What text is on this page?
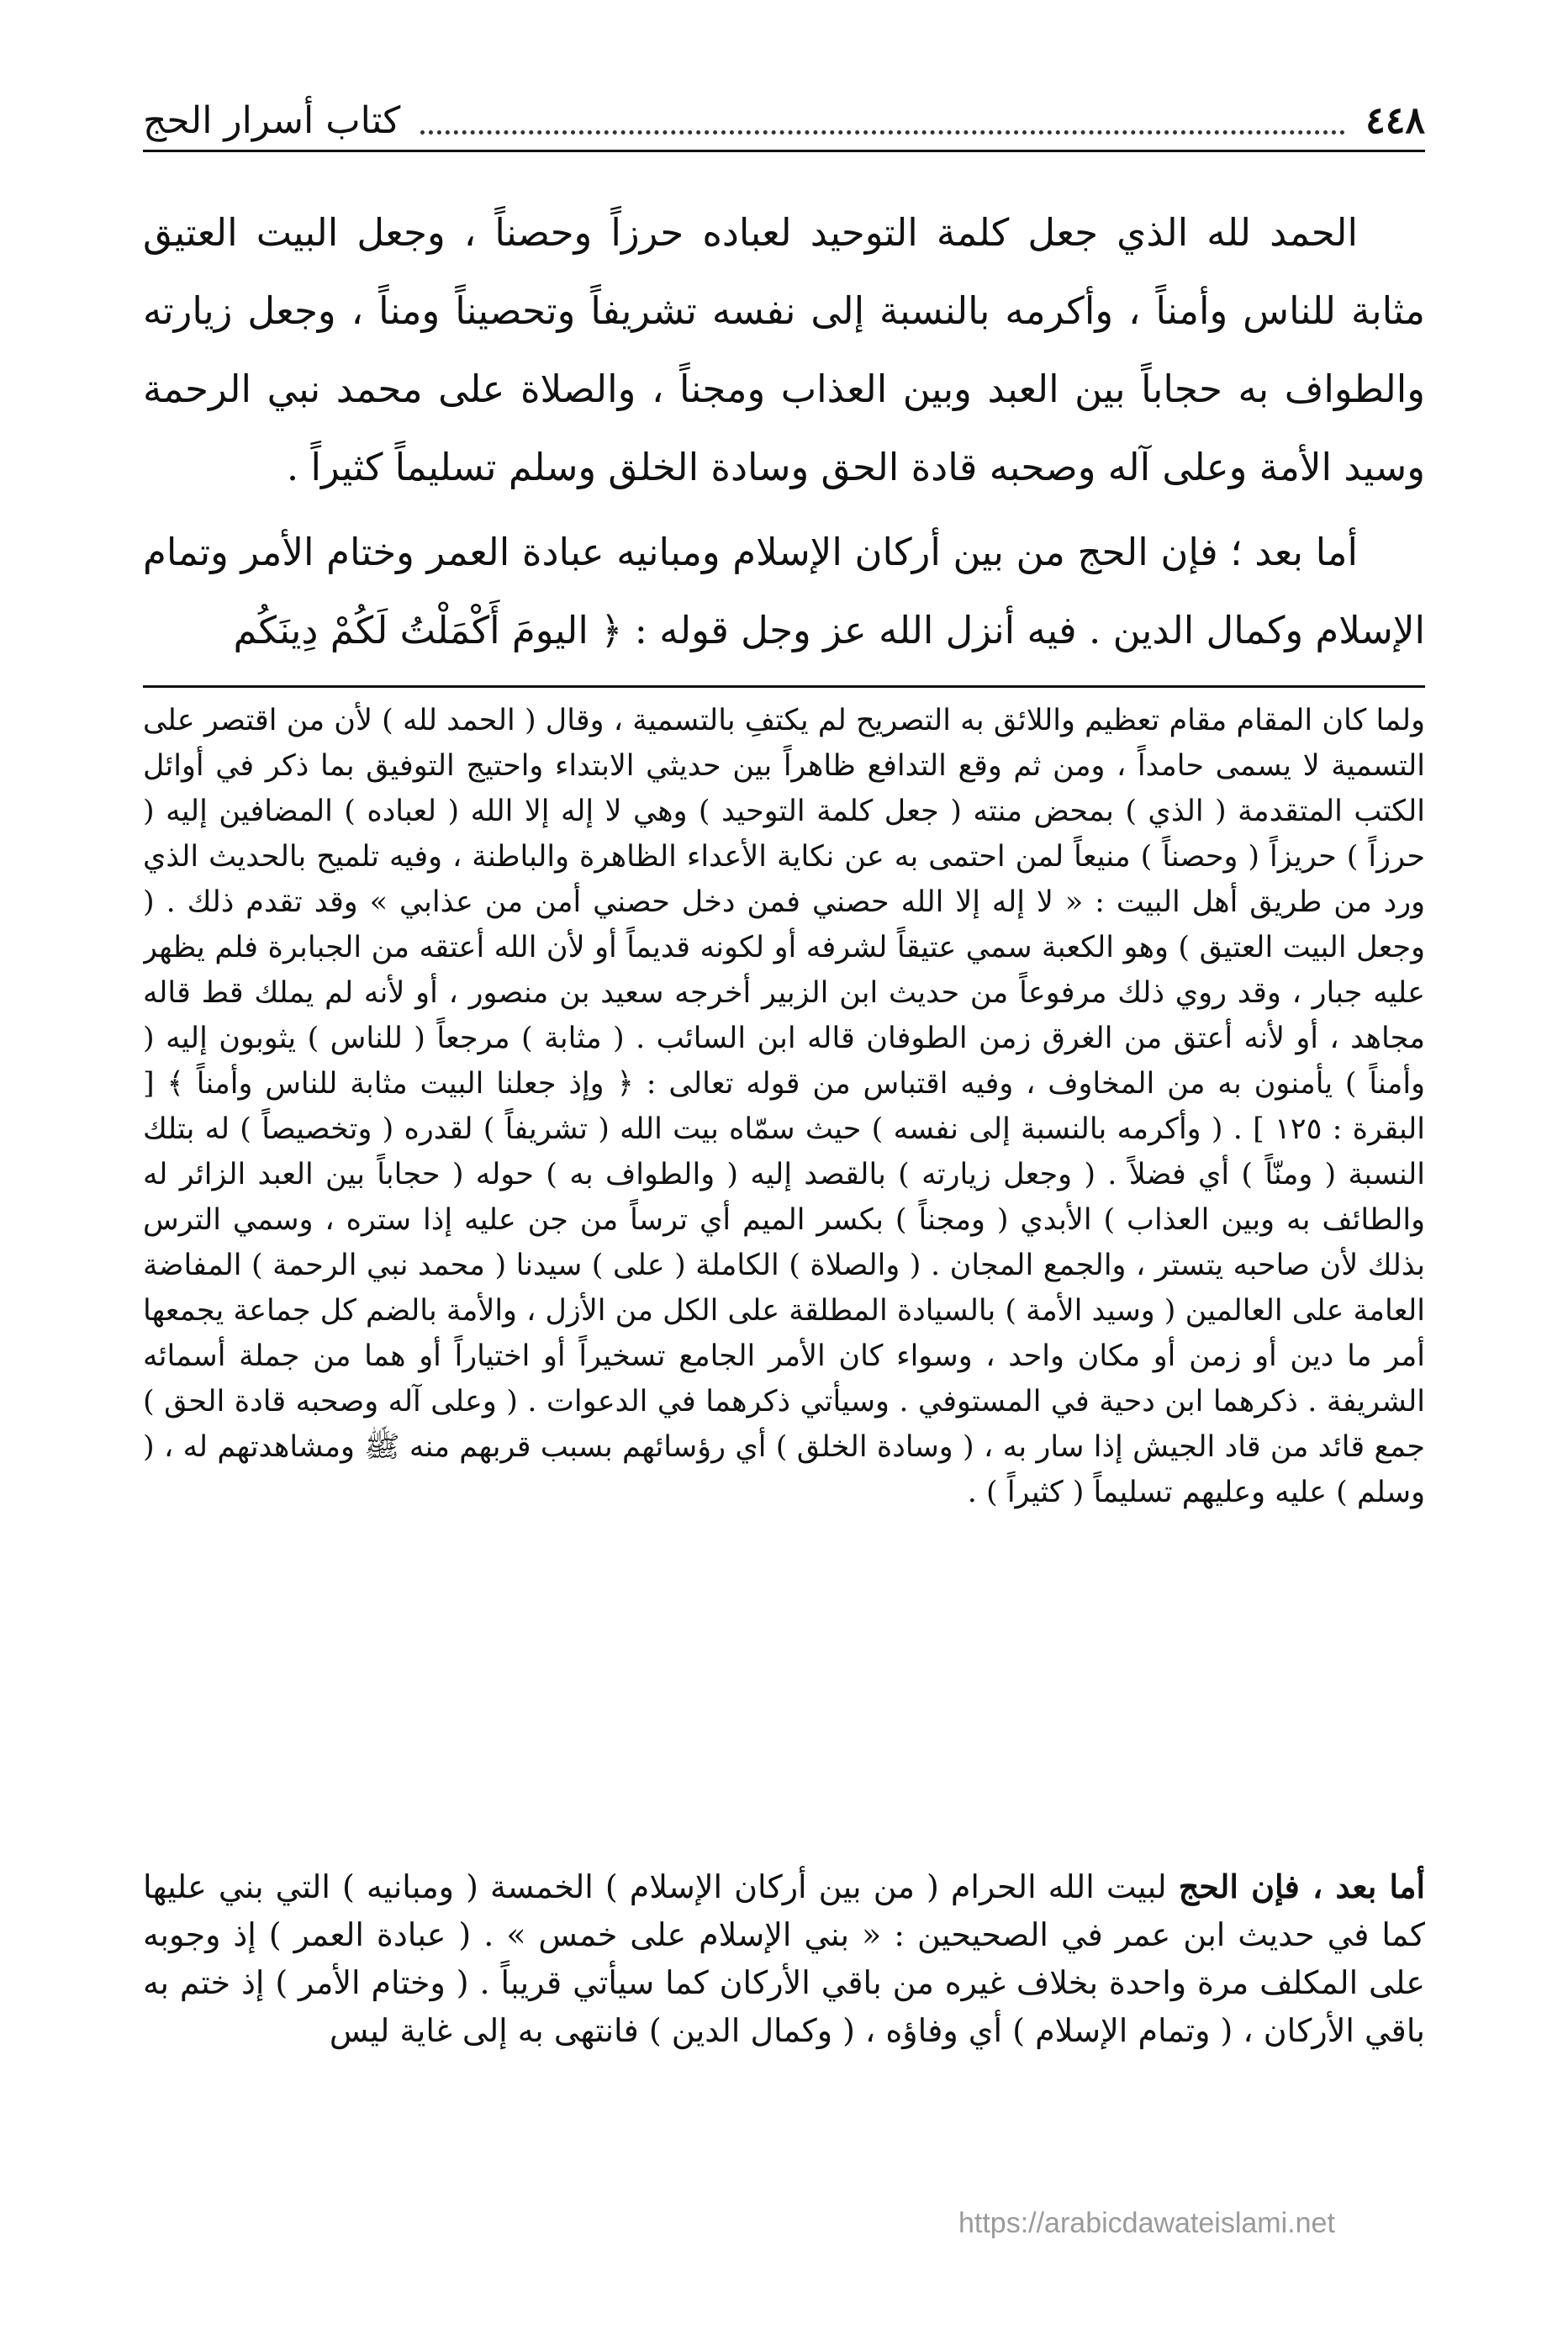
٤٤٨
كتاب أسرار الحج

الحمد لله الذي جعل كلمة التوحيد لعباده حرزاً وحصناً ، وجعل البيت العتيق مثابة للناس وأمناً ، وأكرمه بالنسبة إلى نفسه تشريفاً وتحصيناً ومناً ، وجعل زيارته والطواف به حجاباً بين العبد وبين العذاب ومجناً ، والصلاة على محمد نبي الرحمة وسيد الأمة وعلى آله وصحبه قادة الحق وسادة الخلق وسلم تسليماً كثيراً .

أما بعد ؛ فإن الحج من بين أركان الإسلام ومبانيه عبادة العمر وختام الأمر وتمام الإسلام وكمال الدين . فيه أنزل الله عز وجل قوله : ﴿ اليومَ أَكْمَلْتُ لَكُمْ دِينَكُم

ولما كان المقام مقام تعظيم واللائق به التصريح لم يكتفِ بالتسمية ، وقال ( الحمد لله ) لأن من اقتصر على التسمية لا يسمى حامداً ، ومن ثم وقع التدافع ظاهراً بين حديثي الابتداء واحتيج التوفيق بما ذكر في أوائل الكتب المتقدمة ( الذي ) بمحض منته ( جعل كلمة التوحيد ) وهي لا إله إلا الله ( لعباده ) المضافين إليه ( حرزاً ) حريزاً ( وحصناً ) منيعاً لمن احتمى به عن نكاية الأعداء الظاهرة والباطنة ، وفيه تلميح بالحديث الذي ورد من طريق أهل البيت : « لا إله إلا الله حصني فمن دخل حصني أمن من عذابي » وقد تقدم ذلك . ( وجعل البيت العتيق ) وهو الكعبة سمي عتيقاً لشرفه أو لكونه قديماً أو لأن الله أعتقه من الجبابرة فلم يظهر عليه جبار ، وقد روي ذلك مرفوعاً من حديث ابن الزبير أخرجه سعيد بن منصور ، أو لأنه لم يملك قط قاله مجاهد ، أو لأنه أعتق من الغرق زمن الطوفان قاله ابن السائب . ( مثابة ) مرجعاً ( للناس ) يثوبون إليه ( وأمناً ) يأمنون به من المخاوف ، وفيه اقتباس من قوله تعالى : ﴿ وإذ جعلنا البيت مثابة للناس وأمناً ﴾ [ البقرة : ١٢٥ ] . ( وأكرمه بالنسبة إلى نفسه ) حيث سمّاه بيت الله ( تشريفاً ) لقدره ( وتخصيصاً ) له بتلك النسبة ( ومنّاً ) أي فضلاً . ( وجعل زيارته ) بالقصد إليه ( والطواف به ) حوله ( حجاباً بين العبد الزائر له والطائف به وبين العذاب ) الأبدي ( ومجناً ) بكسر الميم أي ترساً من جن عليه إذا ستره ، وسمي الترس بذلك لأن صاحبه يتستر ، والجمع المجان . ( والصلاة ) الكاملة ( على ) سيدنا ( محمد نبي الرحمة ) المفاضة العامة على العالمين ( وسيد الأمة ) بالسيادة المطلقة على الكل من الأزل ، والأمة بالضم كل جماعة يجمعها أمر ما دين أو زمن أو مكان واحد ، وسواء كان الأمر الجامع تسخيراً أو اختياراً أو هما من جملة أسمائه الشريفة . ذكرهما ابن دحية في المستوفي . وسيأتي ذكرهما في الدعوات . ( وعلى آله وصحبه قادة الحق ) جمع قائد من قاد الجيش إذا سار به ، ( وسادة الخلق ) أي رؤسائهم بسبب قربهم منه ﷺ ومشاهدتهم له ، ( وسلم ) عليه وعليهم تسليماً ( كثيراً ) .
أما بعد ، فإن الحج لبيت الله الحرام ( من بين أركان الإسلام ) الخمسة ( ومبانيه ) التي بني عليها كما في حديث ابن عمر في الصحيحين : « بني الإسلام على خمس » . ( عبادة العمر ) إذ وجوبه على المكلف مرة واحدة بخلاف غيره من باقي الأركان كما سيأتي قريباً . ( وختام الأمر ) إذ ختم به باقي الأركان ، ( وتمام الإسلام ) أي وفاؤه ، ( وكمال الدين ) فانتهى به إلى غاية ليس
https://arabicdawateislami.net
